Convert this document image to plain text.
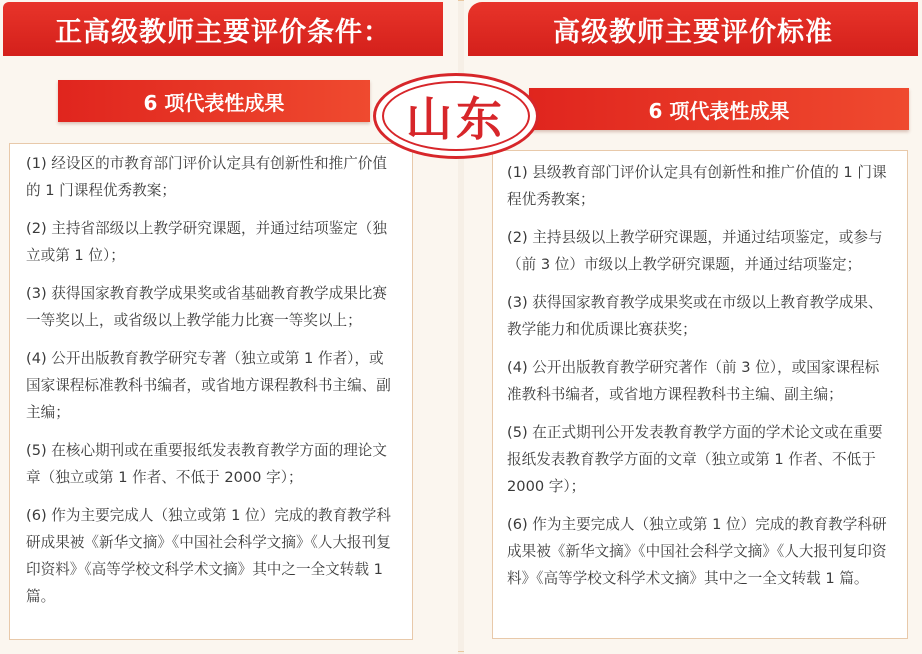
正高级教师主要评价条件：
6 项代表性成果
(1) 经设区的市教育部门评价认定具有创新性和推广价值的 1 门课程优秀教案；
(2) 主持省部级以上教学研究课题，并通过结项鉴定（独立或第 1 位）；
(3) 获得国家教育教学成果奖或省基础教育教学成果比赛一等奖以上，或省级以上教学能力比赛一等奖以上；
(4) 公开出版教育教学研究专著（独立或第 1 作者），或国家课程标准教科书编者，或省地方课程教科书主编、副主编；
(5) 在核心期刊或在重要报纸发表教育教学方面的理论文章（独立或第 1 作者、不低于 2000 字）；
(6) 作为主要完成人（独立或第 1 位）完成的教育教学科研成果被《新华文摘》《中国社会科学文摘》《人大报刊复印资料》《高等学校文科学术文摘》其中之一全文转载 1 篇。
高级教师主要评价标准
6 项代表性成果
(1) 县级教育部门评价认定具有创新性和推广价值的 1 门课程优秀教案；
(2) 主持县级以上教学研究课题，并通过结项鉴定，或参与（前 3 位）市级以上教学研究课题，并通过结项鉴定；
(3) 获得国家教育教学成果奖或在市级以上教育教学成果、教学能力和优质课比赛获奖；
(4) 公开出版教育教学研究著作（前 3 位），或国家课程标准教科书编者，或省地方课程教科书主编、副主编；
(5) 在正式期刊公开发表教育教学方面的学术论文或在重要报纸发表教育教学方面的文章（独立或第 1 作者、不低于 2000 字）；
(6) 作为主要完成人（独立或第 1 位）完成的教育教学科研成果被《新华文摘》《中国社会科学文摘》《人大报刊复印资料》《高等学校文科学术文摘》其中之一全文转载 1 篇。
山东
